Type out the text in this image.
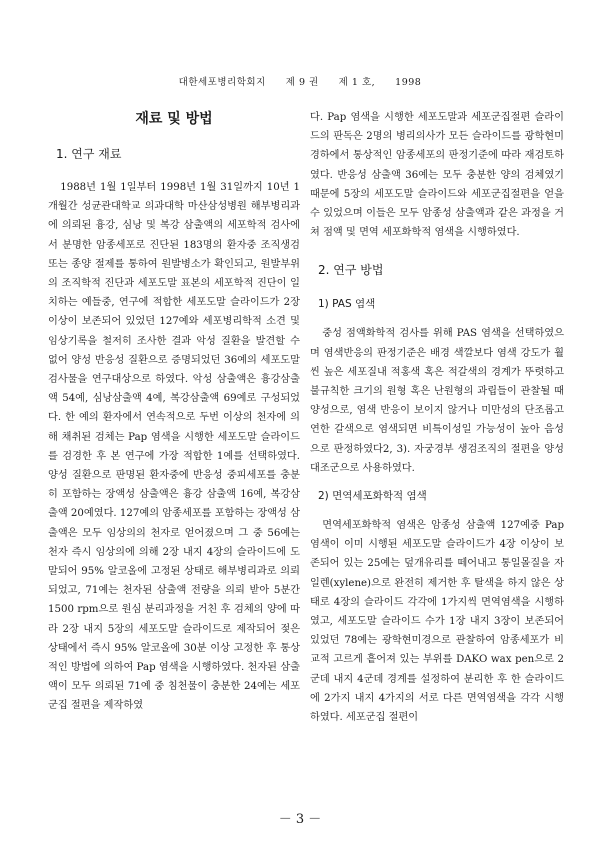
대한세포병리학회지　　제 9 권　　제 1 호,　　1998
재료 및 방법
1. 연구 재료

1988년 1월 1일부터 1998년 1월 31일까지 10년 1개월간 성균관대학교 의과대학 마산삼성병원 해부병리과에 의뢰된 흉강, 심낭 및 복강 삼출액의 세포학적 검사에서 분명한 암종세포로 진단된 183명의 환자중 조직생검 또는 종양 절제를 통하여 원발병소가 확인되고, 원발부위의 조직학적 진단과 세포도말 표본의 세포학적 진단이 일치하는 예들중, 연구에 적합한 세포도말 슬라이드가 2장 이상이 보존되어 있었던 127예와 세포병리학적 소견 및 임상기록을 철저히 조사한 결과 악성 질환을 발견할 수 없어 양성 반응성 질환으로 증명되었던 36예의 세포도말 검사물을 연구대상으로 하였다. 악성 삼출액은 흉강삼출액 54예, 심낭삼출액 4예, 복강삼출액 69예로 구성되었다. 한 예의 환자에서 연속적으로 두번 이상의 천자에 의해 채취된 검체는 Pap 염색을 시행한 세포도말 슬라이드를 검경한 후 본 연구에 가장 적합한 1예를 선택하였다. 양성 질환으로 판명된 환자중에 반응성 중피세포를 충분히 포함하는 장액성 삼출액은 흉강 삼출액 16예, 복강삼출액 20예였다. 127예의 암종세포를 포함하는 장액성 삼출액은 모두 임상의의 천자로 얻어졌으며 그 중 56예는 천자 즉시 임상의에 의해 2장 내지 4장의 슬라이드에 도말되어 95% 알코올에 고정된 상태로 해부병리과로 의뢰되었고, 71예는 천자된 삼출액 전량을 의뢰 받아 5분간 1500 rpm으로 원심 분리과정을 거친 후 검체의 양에 따라 2장 내지 5장의 세포도말 슬라이드로 제작되어 젖은 상태에서 즉시 95% 알코올에 30분 이상 고정한 후 통상적인 방법에 의하여 Pap 염색을 시행하였다. 천자된 삼출액이 모두 의뢰된 71예 중 침천물이 충분한 24예는 세포군집 절편을 제작하였

다. Pap 염색을 시행한 세포도말과 세포군집절편 슬라이드의 판독은 2명의 병리의사가 모든 슬라이드를 광학현미경하에서 통상적인 암종세포의 판정기준에 따라 재검토하였다. 반응성 삼출액 36예는 모두 충분한 양의 검체였기 때문에 5장의 세포도말 슬라이드와 세포군집절편을 얻을 수 있었으며 이들은 모두 암종성 삼출액과 같은 과정을 거쳐 점액 및 면역 세포화학적 염색을 시행하였다.

2. 연구 방법
1) PAS 염색

중성 점액화학적 검사를 위해 PAS 염색을 선택하였으며 염색반응의 판정기준은 배경 색깔보다 염색 강도가 훨씬 높은 세포질내 적홍색 혹은 적갈색의 경계가 뚜렷하고 불규칙한 크기의 원형 혹은 난원형의 과립들이 관찰될 때 양성으로, 염색 반응이 보이지 않거나 미만성의 단조롭고 연한 갈색으로 염색되면 비특이성일 가능성이 높아 음성으로 판정하였다2, 3). 자궁경부 생검조직의 절편을 양성대조군으로 사용하였다.

2) 면역세포화학적 염색

면역세포화학적 염색은 암종성 삼출액 127예중 Pap 염색이 이미 시행된 세포도말 슬라이드가 4장 이상이 보존되어 있는 25예는 덮개유리를 떼어내고 통일몰질을 자일렌(xylene)으로 완전히 제거한 후 탈색을 하지 않은 상태로 4장의 슬라이드 각각에 1가지씩 면역염색을 시행하였고, 세포도말 슬라이드 수가 1장 내지 3장이 보존되어 있었던 78예는 광학현미경으로 관찰하여 암종세포가 비교적 고르게 흩어져 있는 부위를 DAKO wax pen으로 2군데 내지 4군데 경계를 설정하여 분리한 후 한 슬라이드에 2가지 내지 4가지의 서로 다른 면역염색을 각각 시행하였다. 세포군집 절편이

－ 3 －
